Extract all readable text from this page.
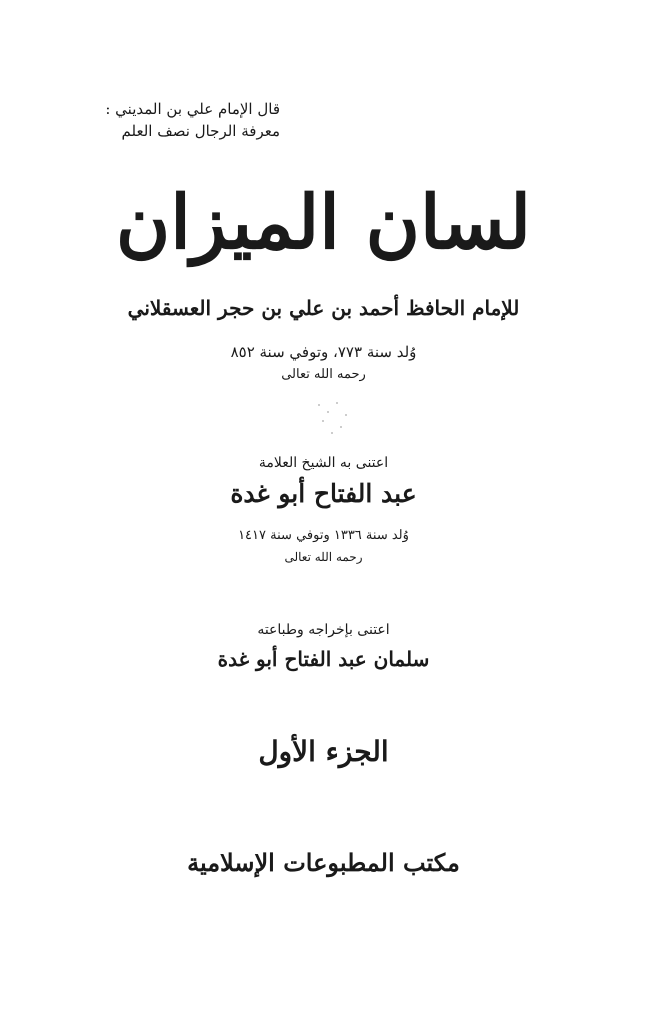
قال الإمام علي بن المديني :
معرفة الرجال نصف العلم
لسان الميزان
للإمام الحافظ أحمد بن علي بن حجر العسقلاني
وُلد سنة ٧٧٣، وتوفي سنة ٨٥٢
رحمه الله تعالى
اعتنى به الشيخ العلامة
عبد الفتاح أبو غدة
وُلد سنة ١٣٣٦ وتوفي سنة ١٤١٧
رحمه الله تعالى
اعتنى بإخراجه وطباعته
سلمان عبد الفتاح أبو غدة
الجزء الأول
مكتب المطبوعات الإسلامية
